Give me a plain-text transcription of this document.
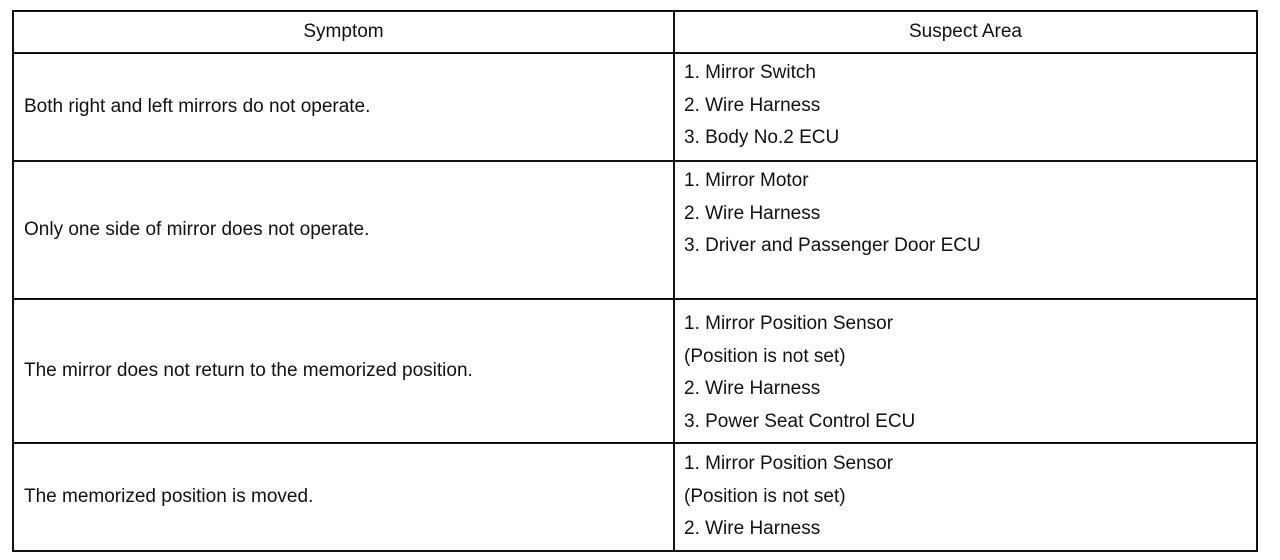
Symptom	Suspect Area
Both right and left mirrors do not operate.
1. Mirror Switch
2. Wire Harness
3. Body No.2 ECU
Only one side of mirror does not operate.
1. Mirror Motor
2. Wire Harness
3. Driver and Passenger Door ECU
The mirror does not return to the memorized position.
1. Mirror Position Sensor
(Position is not set)
2. Wire Harness
3. Power Seat Control ECU
The memorized position is moved.
1. Mirror Position Sensor
(Position is not set)
2. Wire Harness
